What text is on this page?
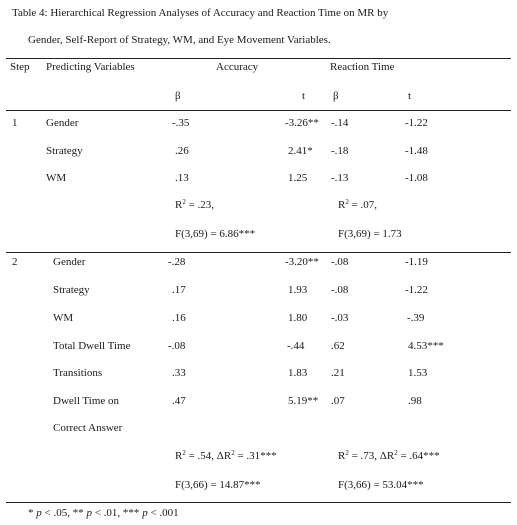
Table 4: Hierarchical Regression Analyses of Accuracy and Reaction Time on MR by
Gender, Self-Report of Strategy, WM, and Eye Movement Variables.
Step Predicting Variables	Accuracy	Reaction Time
β	t	β	t
1	Gender	-.35	-3.26** -.14	-1.22
Strategy	.26	2.41* -.18	-1.48
WM	.13	1.25 -.13	-1.08
$R^2 = .23$,	$R^2 = .07$,
F(3,69) = 6.86***	F(3,69) = 1.73
2	Gender	-.28	-3.20** -.08	-1.19
Strategy	.17	1.93 -.08	-1.22
WM	.16	1.80 -.03	-.39
Total Dwell Time	-.08	-.44 .62	4.53***
Transitions	.33	1.83 .21	1.53
Dwell Time on	.47	5.19** .07	.98
Correct Answer
$R^2 = .54$, $\Delta R^2 = .31***$	$R^2 = .73$, $\Delta R^2 = .64***$
F(3,66) = 14.87***	F(3,66) = 53.04***
* p < .05, ** p < .01, *** p < .001
